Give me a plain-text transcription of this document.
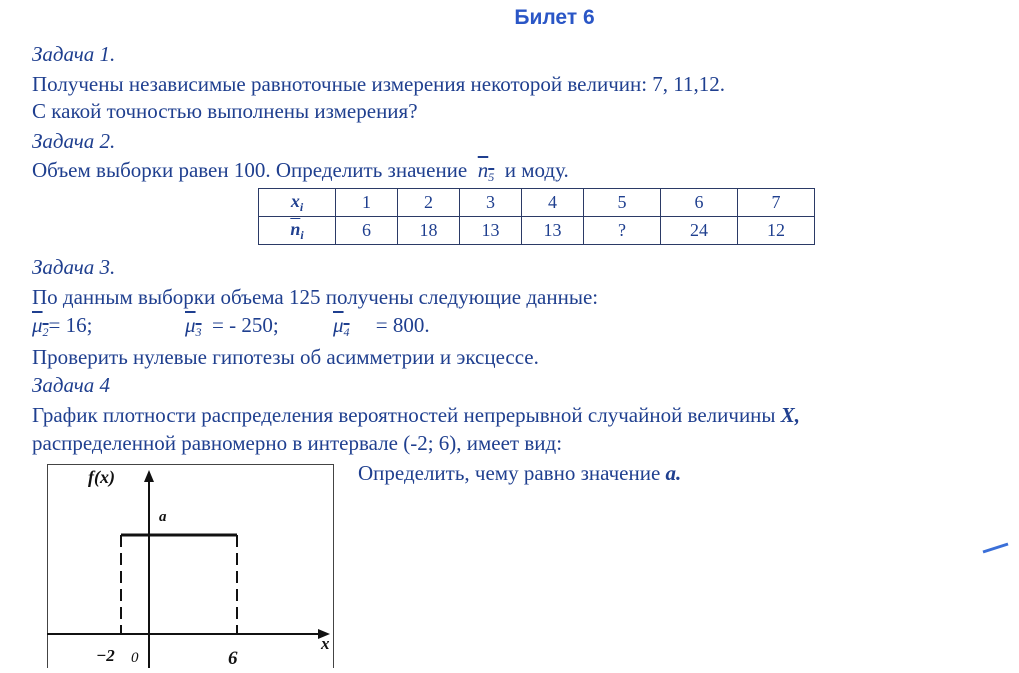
Билет 6
Задача 1.
Получены независимые равноточные измерения некоторой величин: 7, 11,12.
С какой точностью выполнены измерения?
Задача 2.
Объем выборки равен 100. Определить значение $n_5$ и моду.
$x_i$	1	2	3	4	5	6	7
$\overline{n}_i$	6	18	13	13	?	24	12
Задача 3.
По данным выборки объема 125 получены следующие данные:
$\mu_2= 16$;	$\mu_3$ = - 250;	$\mu_4 = 800$.
Проверить нулевые гипотезы об асимметрии и эксцессе.
Задача 4
График плотности распределения вероятностей непрерывной случайной величины X,
распределенной равномерно в интервале (-2; 6), имеет вид:
Определить, чему равно значение a.
f(x)
x
a
−2 0	6
